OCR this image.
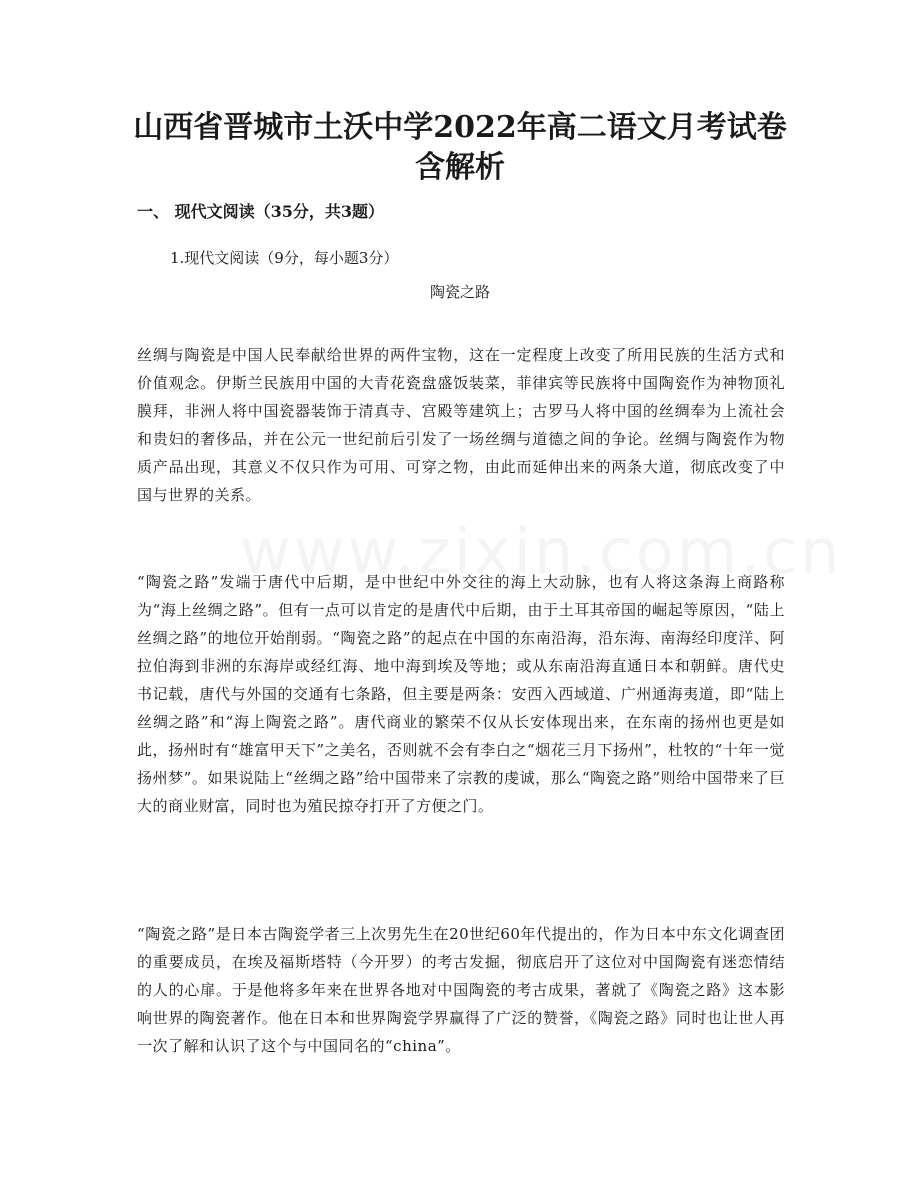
山西省晋城市土沃中学2022年高二语文月考试卷含解析
一、 现代文阅读（35分，共3题）
1.现代文阅读（9分，每小题3分）
陶瓷之路

丝绸与陶瓷是中国人民奉献给世界的两件宝物，这在一定程度上改变了所用民族的生活方式和价值观念。伊斯兰民族用中国的大青花瓷盘盛饭装菜，菲律宾等民族将中国陶瓷作为神物顶礼膜拜，非洲人将中国瓷器装饰于清真寺、宫殿等建筑上；古罗马人将中国的丝绸奉为上流社会和贵妇的奢侈品，并在公元一世纪前后引发了一场丝绸与道德之间的争论。丝绸与陶瓷作为物质产品出现，其意义不仅只作为可用、可穿之物，由此而延伸出来的两条大道，彻底改变了中国与世界的关系。

“陶瓷之路”发端于唐代中后期，是中世纪中外交往的海上大动脉，也有人将这条海上商路称为“海上丝绸之路”。但有一点可以肯定的是唐代中后期，由于土耳其帝国的崛起等原因，“陆上丝绸之路”的地位开始削弱。“陶瓷之路”的起点在中国的东南沿海，沿东海、南海经印度洋、阿拉伯海到非洲的东海岸或经红海、地中海到埃及等地；或从东南沿海直通日本和朝鲜。唐代史书记载，唐代与外国的交通有七条路，但主要是两条：安西入西域道、广州通海夷道，即“陆上丝绸之路”和“海上陶瓷之路”。唐代商业的繁荣不仅从长安体现出来，在东南的扬州也更是如此，扬州时有“雄富甲天下”之美名，否则就不会有李白之“烟花三月下扬州”，杜牧的“十年一觉扬州梦”。如果说陆上“丝绸之路”给中国带来了宗教的虔诚，那么“陶瓷之路”则给中国带来了巨大的商业财富，同时也为殖民掠夺打开了方便之门。

“陶瓷之路”是日本古陶瓷学者三上次男先生在20世纪60年代提出的，作为日本中东文化调查团的重要成员，在埃及福斯塔特（今开罗）的考古发掘，彻底启开了这位对中国陶瓷有迷恋情结的人的心扉。于是他将多年来在世界各地对中国陶瓷的考古成果，著就了《陶瓷之路》这本影响世界的陶瓷著作。他在日本和世界陶瓷学界赢得了广泛的赞誉，《陶瓷之路》同时也让世人再一次了解和认识了这个与中国同名的“china”。
